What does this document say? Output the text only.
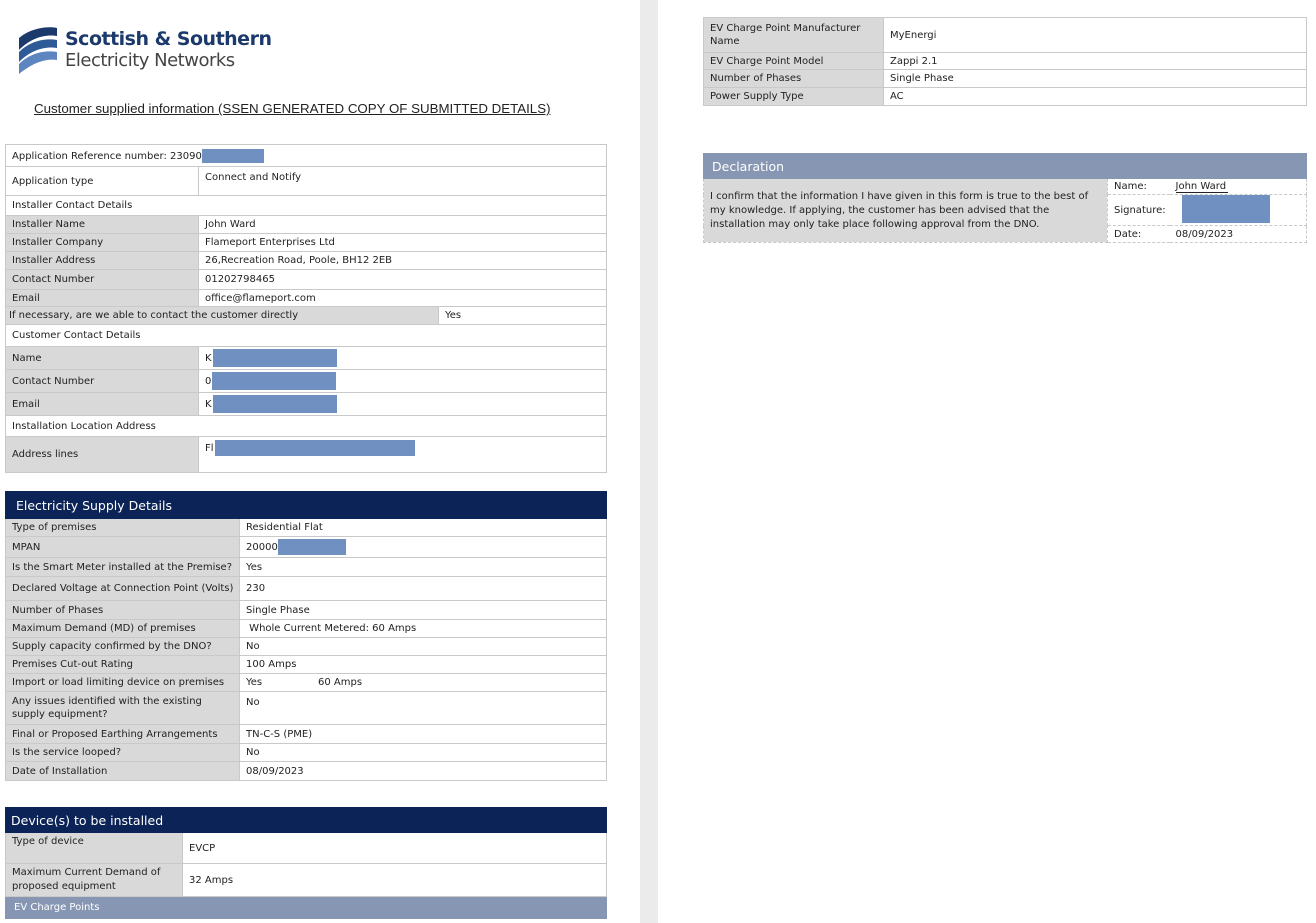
Scottish & Southern
Electricity Networks
Customer supplied information (SSEN GENERATED COPY OF SUBMITTED DETAILS)
Application Reference number: 23090		
Application type	Connect and Notify	
Installer Contact Details		
Installer Name	John Ward	
Installer Company	Flameport Enterprises Ltd	
Installer Address	26,Recreation Road, Poole, BH12 2EB	
Contact Number	01202798465	
Email	office@flameport.com	
If necessary, are we able to contact the customer directly		Yes
Customer Contact Details		
Name	K	
Contact Number	0	
Email	K	
Installation Location Address		
Address lines	Fl	
Electricity Supply Details	
Type of premises	Residential Flat
MPAN	20000
Is the Smart Meter installed at the Premise?	Yes
Declared Voltage at Connection Point (Volts)	230
Number of Phases	Single Phase
Maximum Demand (MD) of premises	Whole Current Metered: 60 Amps
Supply capacity confirmed by the DNO?	No
Premises Cut-out Rating	100 Amps
Import or load limiting device on premises	Yes 60 Amps
Any issues identified with the existing supply equipment?	No
Final or Proposed Earthing Arrangements	TN-C-S (PME)
Is the service looped?	No
Date of Installation	08/09/2023
Device(s) to be installed	
Type of device	EVCP
Maximum Current Demand of proposed equipment	32 Amps
EV Charge Points	
EV Charge Point Manufacturer Name	MyEnergi
EV Charge Point Model	Zappi 2.1
Number of Phases	Single Phase
Power Supply Type	AC
Declaration		
I confirm that the information I have given in this form is true to the best of my knowledge. If applying, the customer has been advised that the installation may only take place following approval from the DNO.	Name:	John Ward
	Signature:	
	Date:	08/09/2023
